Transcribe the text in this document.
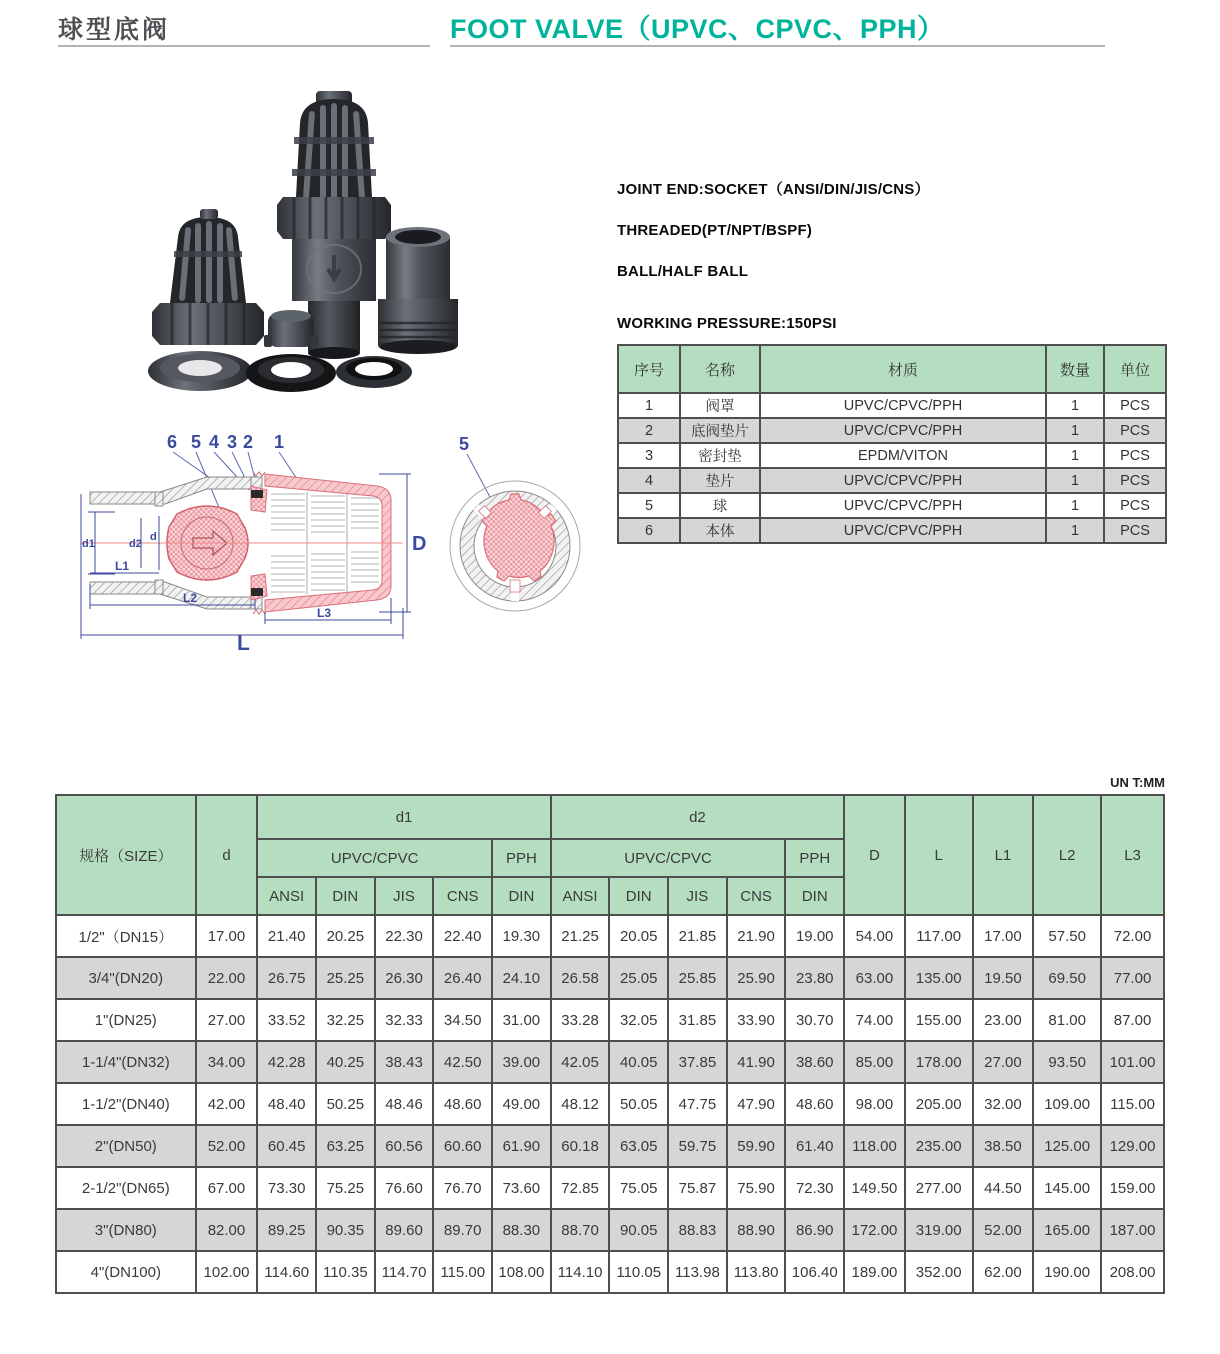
球型底阀	FOOT VALVE（UPVC、CPVC、PPH）
6 5 4 3 2 1	5
d1	d2
d
L1
L2
L3
L
D
JOINT END:SOCKET（ANSI/DIN/JIS/CNS）
THREADED(PT/NPT/BSPF)
BALL/HALF BALL
WORKING PRESSURE:150PSI
序号	名称	材质	数量	单位
1	阀罩	UPVC/CPVC/PPH	1	PCS
2	底阀垫片	UPVC/CPVC/PPH	1	PCS
3	密封垫	EPDM/VITON	1	PCS
4	垫片	UPVC/CPVC/PPH	1	PCS
5	球	UPVC/CPVC/PPH	1	PCS
6	本体	UPVC/CPVC/PPH	1	PCS
UN T:MM
规格（SIZE）	d	d1					d2					D	L	L1	L2	L3
		UPVC/CPVC				PPH	UPVC/CPVC				PPH					
		ANSI	DIN	JIS	CNS	DIN	ANSI	DIN	JIS	CNS	DIN					
1/2"（DN15）	17.00	21.40	20.25	22.30	22.40	19.30	21.25	20.05	21.85	21.90	19.00	54.00	117.00	17.00	57.50	72.00
3/4"(DN20)	22.00	26.75	25.25	26.30	26.40	24.10	26.58	25.05	25.85	25.90	23.80	63.00	135.00	19.50	69.50	77.00
1"(DN25)	27.00	33.52	32.25	32.33	34.50	31.00	33.28	32.05	31.85	33.90	30.70	74.00	155.00	23.00	81.00	87.00
1-1/4"(DN32)	34.00	42.28	40.25	38.43	42.50	39.00	42.05	40.05	37.85	41.90	38.60	85.00	178.00	27.00	93.50	101.00
1-1/2"(DN40)	42.00	48.40	50.25	48.46	48.60	49.00	48.12	50.05	47.75	47.90	48.60	98.00	205.00	32.00	109.00	115.00
2"(DN50)	52.00	60.45	63.25	60.56	60.60	61.90	60.18	63.05	59.75	59.90	61.40	118.00	235.00	38.50	125.00	129.00
2-1/2"(DN65)	67.00	73.30	75.25	76.60	76.70	73.60	72.85	75.05	75.87	75.90	72.30	149.50	277.00	44.50	145.00	159.00
3"(DN80)	82.00	89.25	90.35	89.60	89.70	88.30	88.70	90.05	88.83	88.90	86.90	172.00	319.00	52.00	165.00	187.00
4"(DN100)	102.00	114.60	110.35	114.70	115.00	108.00	114.10	110.05	113.98	113.80	106.40	189.00	352.00	62.00	190.00	208.00
